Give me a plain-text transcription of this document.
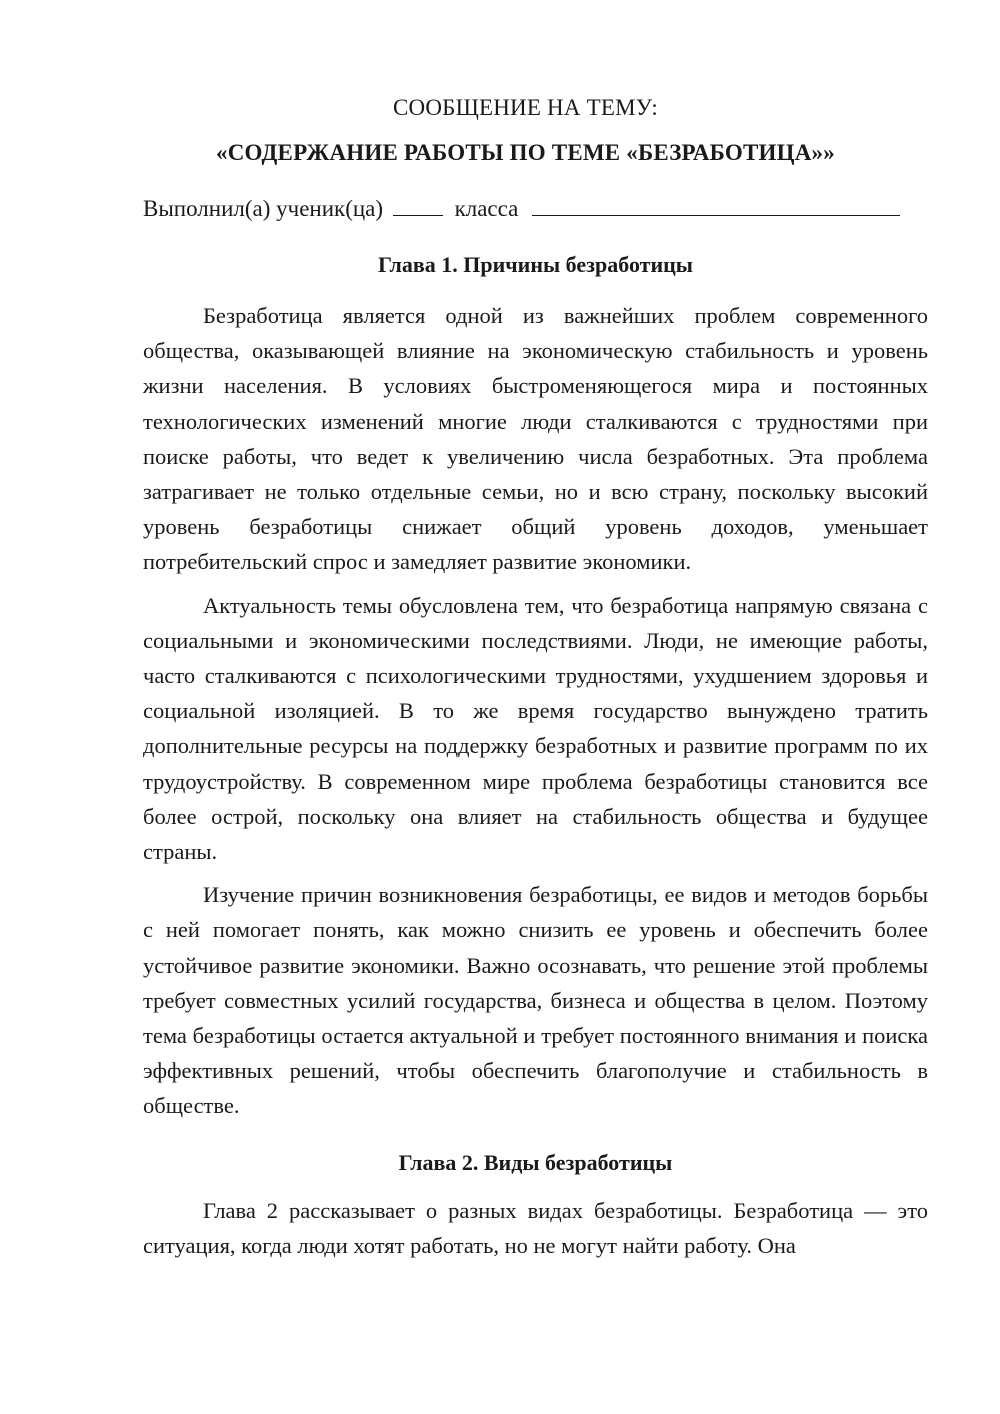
СООБЩЕНИЕ НА ТЕМУ:

«СОДЕРЖАНИЕ РАБОТЫ ПО ТЕМЕ «БЕЗРАБОТИЦА»»

Выполнил(а) ученик(ца)	класса
Глава 1. Причины безработицы

Безработица является одной из важнейших проблем современного общества, оказывающей влияние на экономическую стабильность и уровень жизни населения. В условиях быстроменяющегося мира и постоянных технологических изменений многие люди сталкиваются с трудностями при поиске работы, что ведет к увеличению числа безработных. Эта проблема затрагивает не только отдельные семьи, но и всю страну, поскольку высокий уровень безработицы снижает общий уровень доходов, уменьшает потребительский спрос и замедляет развитие экономики.

Актуальность темы обусловлена тем, что безработица напрямую связана с социальными и экономическими последствиями. Люди, не имеющие работы, часто сталкиваются с психологическими трудностями, ухудшением здоровья и социальной изоляцией. В то же время государство вынуждено тратить дополнительные ресурсы на поддержку безработных и развитие программ по их трудоустройству. В современном мире проблема безработицы становится все более острой, поскольку она влияет на стабильность общества и будущее страны.

Изучение причин возникновения безработицы, ее видов и методов борьбы с ней помогает понять, как можно снизить ее уровень и обеспечить более устойчивое развитие экономики. Важно осознавать, что решение этой проблемы требует совместных усилий государства, бизнеса и общества в целом. Поэтому тема безработицы остается актуальной и требует постоянного внимания и поиска эффективных решений, чтобы обеспечить благополучие и стабильность в обществе.

Глава 2. Виды безработицы

Глава 2 рассказывает о разных видах безработицы. Безработица — это ситуация, когда люди хотят работать, но не могут найти работу. Она
